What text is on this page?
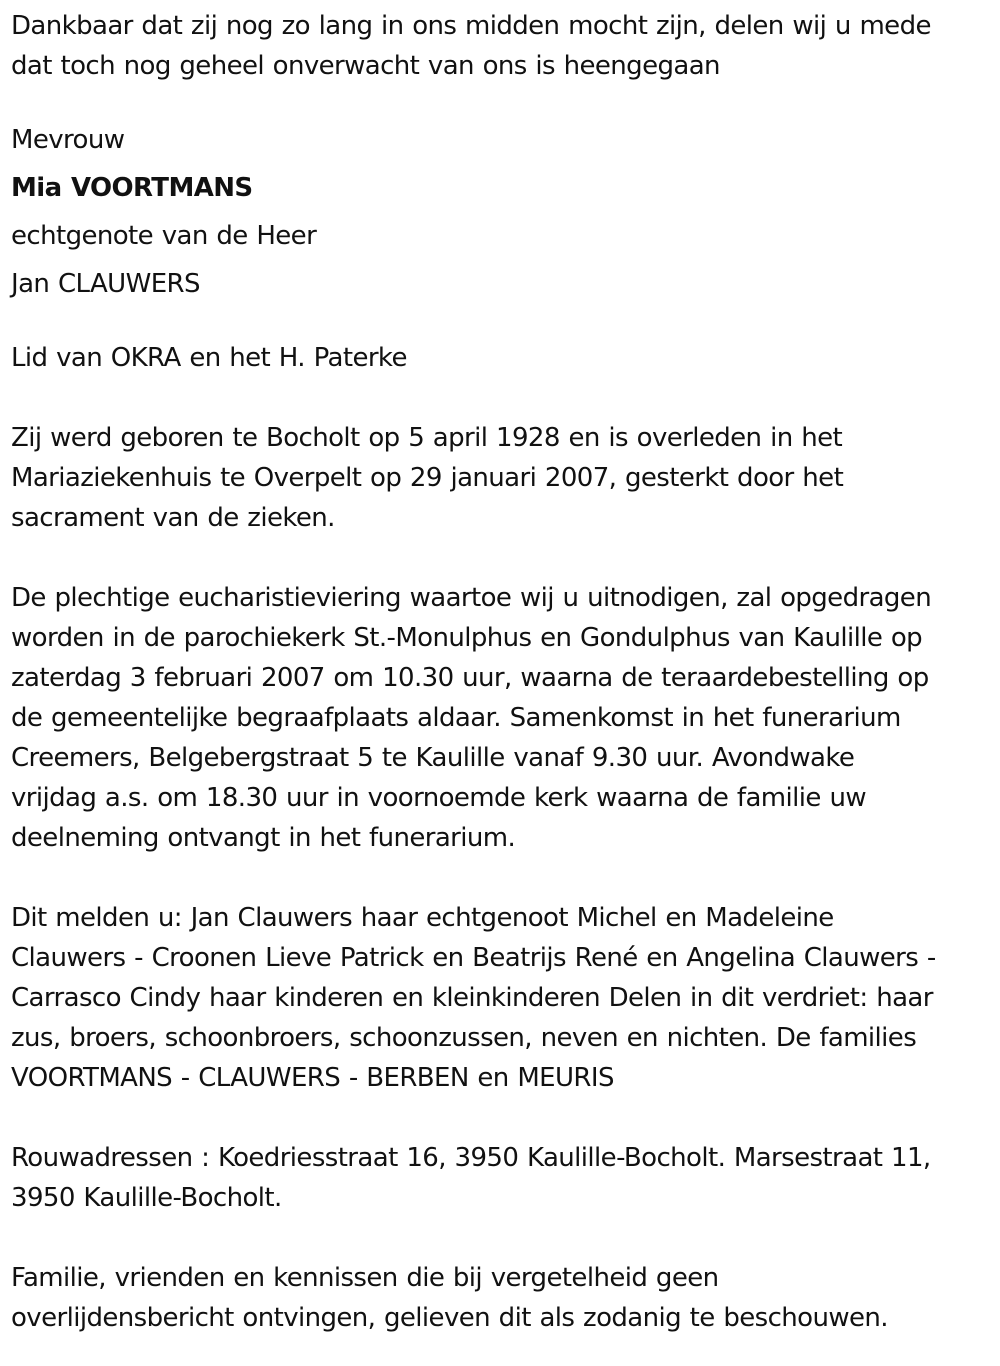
Dankbaar dat zij nog zo lang in ons midden mocht zijn, delen wij u mede
dat toch nog geheel onverwacht van ons is heengegaan

Mevrouw

Mia VOORTMANS

echtgenote van de Heer

Jan CLAUWERS

Lid van OKRA en het H. Paterke

Zij werd geboren te Bocholt op 5 april 1928 en is overleden in het
Mariaziekenhuis te Overpelt op 29 januari 2007, gesterkt door het
sacrament van de zieken.

De plechtige eucharistieviering waartoe wij u uitnodigen, zal opgedragen
worden in de parochiekerk St.-Monulphus en Gondulphus van Kaulille op
zaterdag 3 februari 2007 om 10.30 uur, waarna de teraardebestelling op
de gemeentelijke begraafplaats aldaar. Samenkomst in het funerarium
Creemers, Belgebergstraat 5 te Kaulille vanaf 9.30 uur. Avondwake
vrijdag a.s. om 18.30 uur in voornoemde kerk waarna de familie uw
deelneming ontvangt in het funerarium.

Dit melden u: Jan Clauwers haar echtgenoot Michel en Madeleine
Clauwers - Croonen Lieve Patrick en Beatrijs René en Angelina Clauwers -
Carrasco Cindy haar kinderen en kleinkinderen Delen in dit verdriet: haar
zus, broers, schoonbroers, schoonzussen, neven en nichten. De families
VOORTMANS - CLAUWERS - BERBEN en MEURIS

Rouwadressen : Koedriesstraat 16, 3950 Kaulille-Bocholt. Marsestraat 11,
3950 Kaulille-Bocholt.

Familie, vrienden en kennissen die bij vergetelheid geen
overlijdensbericht ontvingen, gelieven dit als zodanig te beschouwen.
